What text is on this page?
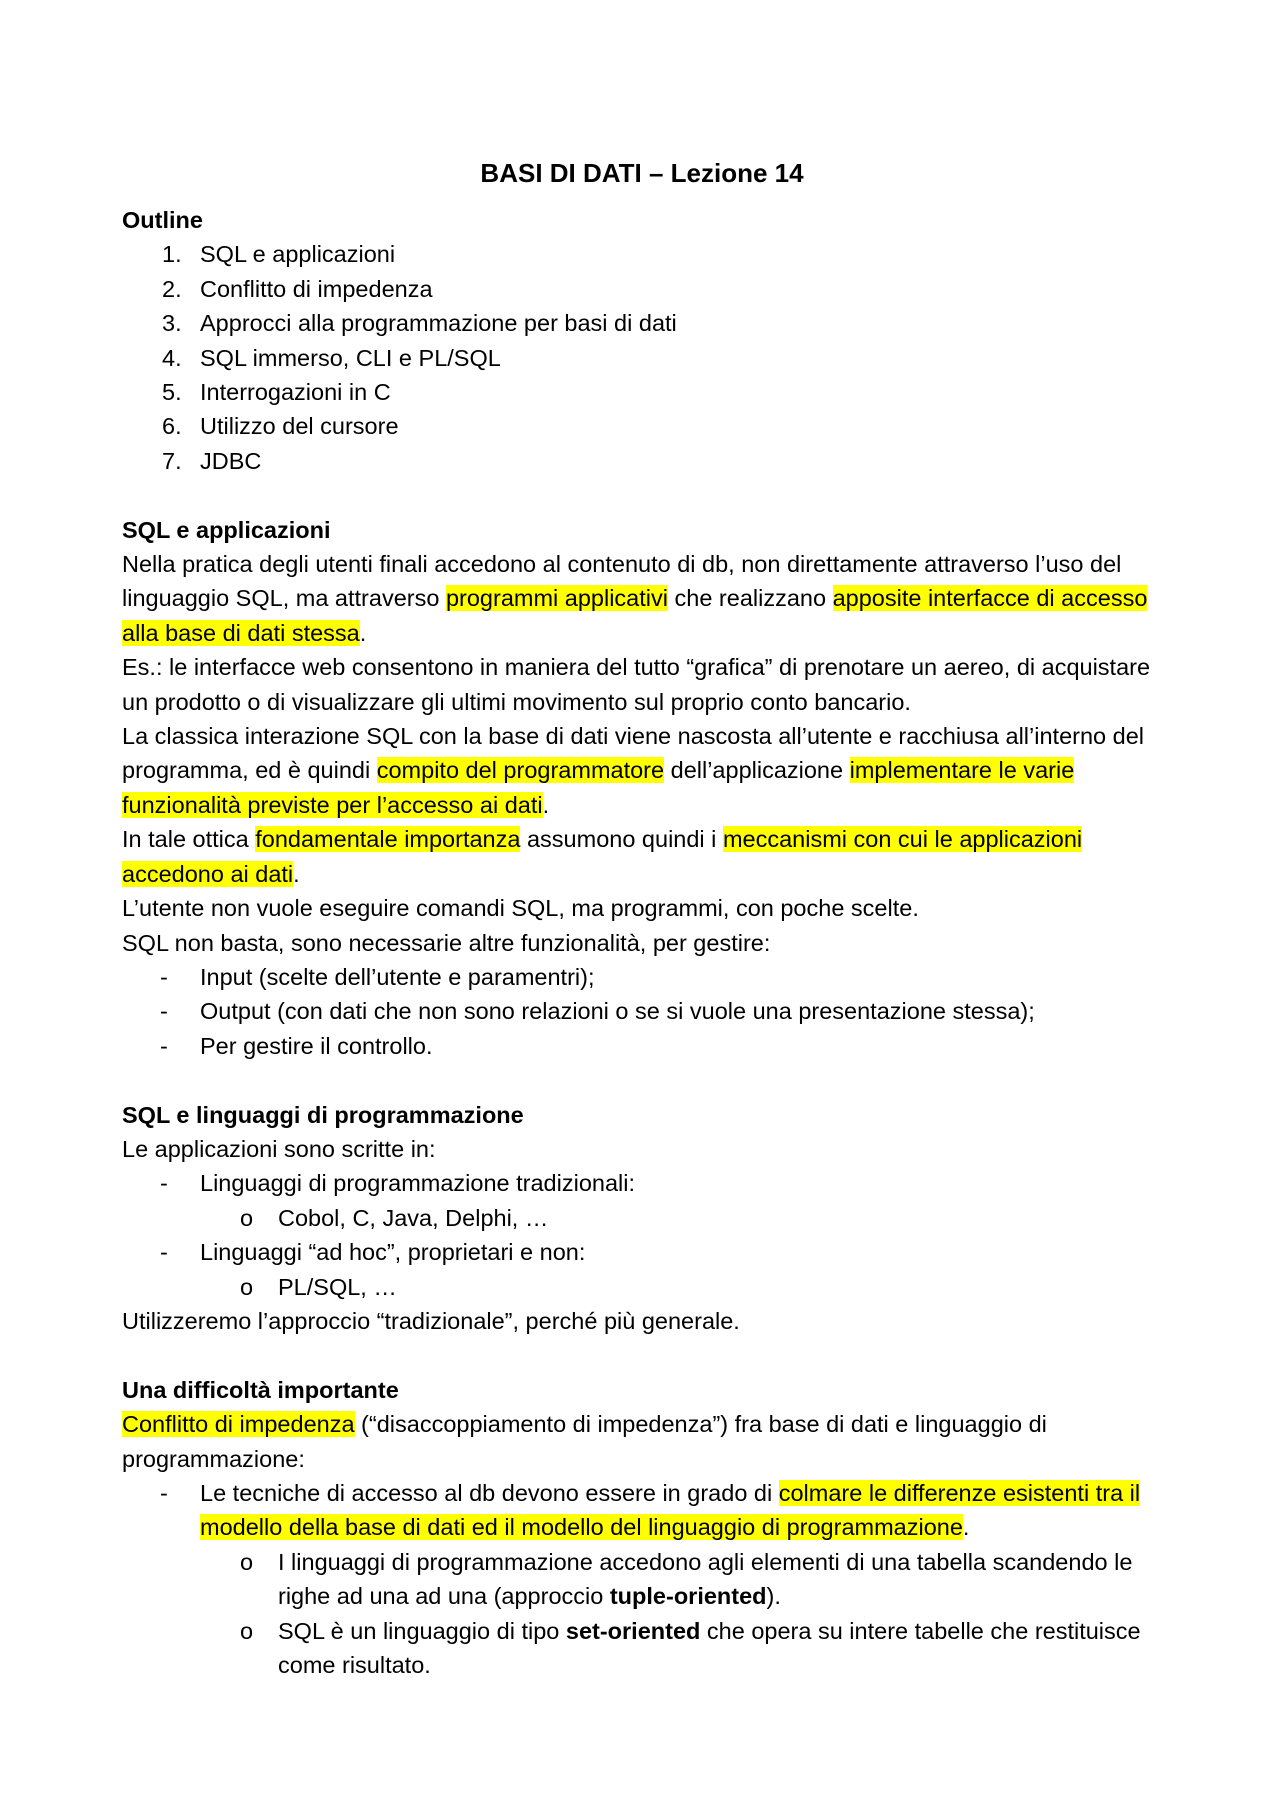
BASI DI DATI – Lezione 14
Outline
1. SQL e applicazioni
2. Conflitto di impedenza
3. Approcci alla programmazione per basi di dati
4. SQL immerso, CLI e PL/SQL
5. Interrogazioni in C
6. Utilizzo del cursore
7. JDBC
SQL e applicazioni

Nella pratica degli utenti finali accedono al contenuto di db, non direttamente attraverso l’uso del linguaggio SQL, ma attraverso programmi applicativi che realizzano apposite interfacce di accesso alla base di dati stessa.

Es.: le interfacce web consentono in maniera del tutto “grafica” di prenotare un aereo, di acquistare un prodotto o di visualizzare gli ultimi movimento sul proprio conto bancario.

La classica interazione SQL con la base di dati viene nascosta all’utente e racchiusa all’interno del programma, ed è quindi compito del programmatore dell’applicazione implementare le varie funzionalità previste per l’accesso ai dati.

In tale ottica fondamentale importanza assumono quindi i meccanismi con cui le applicazioni accedono ai dati.

L’utente non vuole eseguire comandi SQL, ma programmi, con poche scelte.

SQL non basta, sono necessarie altre funzionalità, per gestire:

- Input (scelte dell’utente e paramentri);
- Output (con dati che non sono relazioni o se si vuole una presentazione stessa);
- Per gestire il controllo.
SQL e linguaggi di programmazione

Le applicazioni sono scritte in:

- Linguaggi di programmazione tradizionali:
o Cobol, C, Java, Delphi, …
- Linguaggi “ad hoc”, proprietari e non:
o PL/SQL, …

Utilizzeremo l’approccio “tradizionale”, perché più generale.

Una difficoltà importante

Conflitto di impedenza (“disaccoppiamento di impedenza”) fra base di dati e linguaggio di programmazione:

- Le tecniche di accesso al db devono essere in grado di colmare le differenze esistenti tra il modello della base di dati ed il modello del linguaggio di programmazione.
o I linguaggi di programmazione accedono agli elementi di una tabella scandendo le righe ad una ad una (approccio tuple-oriented).
o SQL è un linguaggio di tipo set-oriented che opera su intere tabelle che restituisce come risultato.
